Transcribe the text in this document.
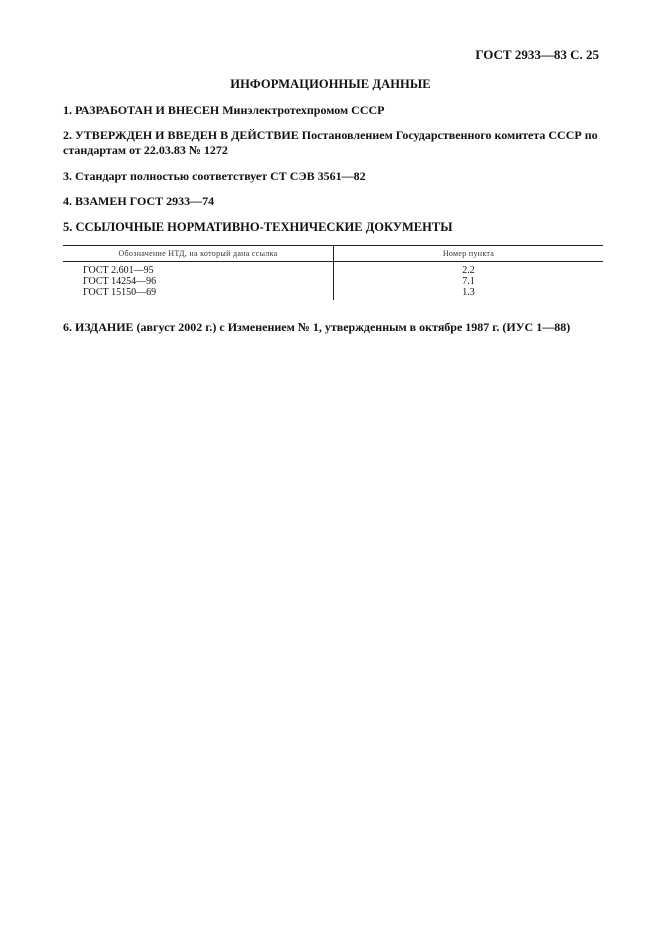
ГОСТ 2933—83 С. 25
ИНФОРМАЦИОННЫЕ ДАННЫЕ
1. РАЗРАБОТАН И ВНЕСЕН Минэлектротехпромом СССР
2. УТВЕРЖДЕН И ВВЕДЕН В ДЕЙСТВИЕ Постановлением Государственного комитета СССР по стандартам от 22.03.83 № 1272
3. Стандарт полностью соответствует СТ СЭВ 3561—82
4. ВЗАМЕН ГОСТ 2933—74
5. ССЫЛОЧНЫЕ НОРМАТИВНО-ТЕХНИЧЕСКИЕ ДОКУМЕНТЫ
Обозначение НТД, на который дана ссылка	Номер пункта
ГОСТ 2.601—95	2.2
ГОСТ 14254—96	7.1
ГОСТ 15150—69	1.3
6. ИЗДАНИЕ (август 2002 г.) с Изменением № 1, утвержденным в октябре 1987 г. (ИУС 1—88)
